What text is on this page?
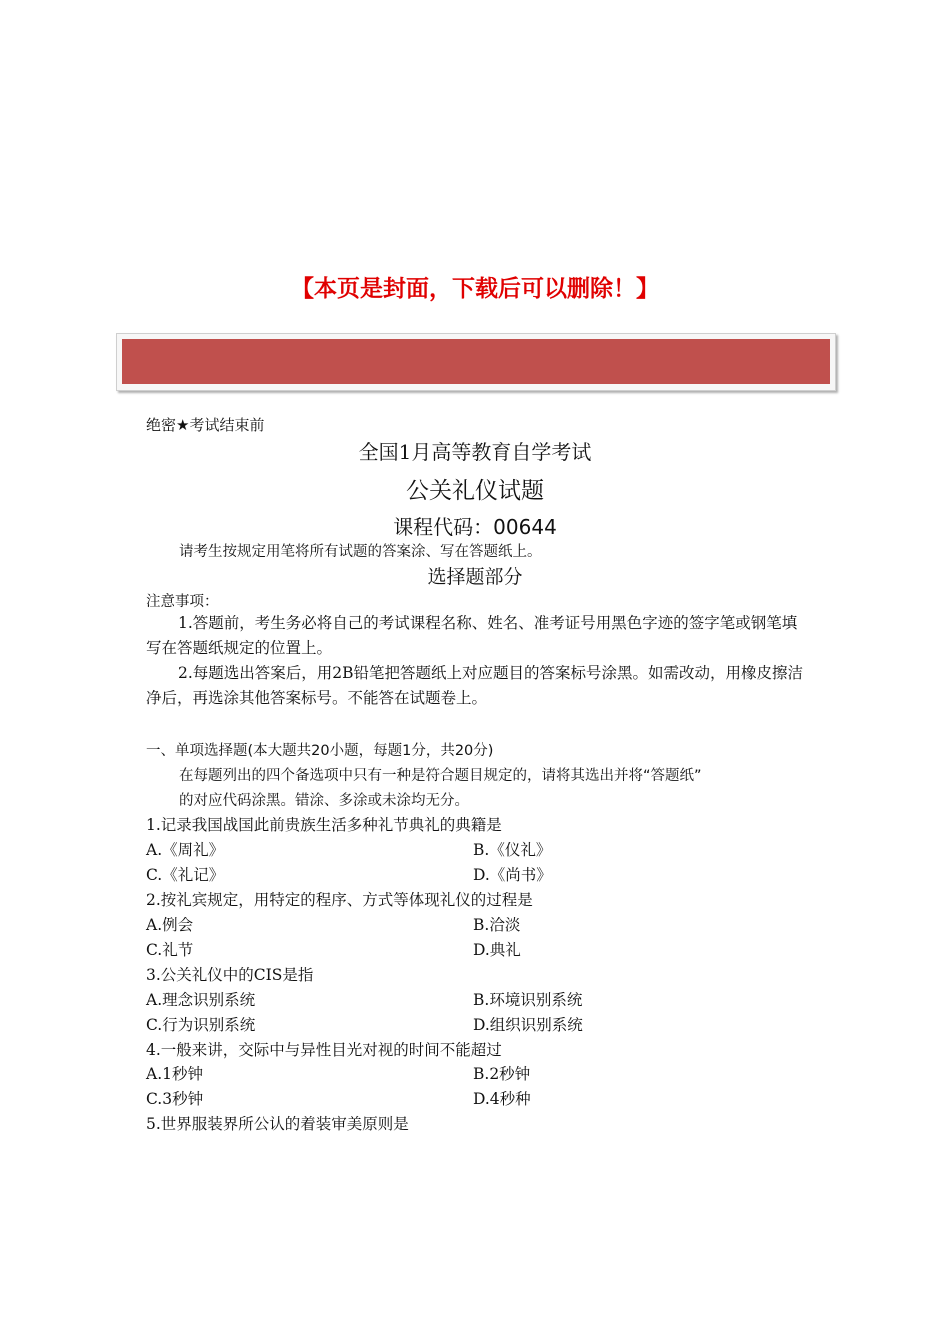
【本页是封面，下载后可以删除！】
绝密★考试结束前
全国1月高等教育自学考试
公关礼仪试题
课程代码：00644
请考生按规定用笔将所有试题的答案涂、写在答题纸上。
选择题部分
注意事项：
1.答题前，考生务必将自己的考试课程名称、姓名、准考证号用黑色字迹的签字笔或钢笔填写在答题纸规定的位置上。
2.每题选出答案后，用2B铅笔把答题纸上对应题目的答案标号涂黑。如需改动，用橡皮擦洁净后，再选涂其他答案标号。不能答在试题卷上。
一、单项选择题(本大题共20小题，每题1分，共20分)
在每题列出的四个备选项中只有一种是符合题目规定的，请将其选出并将“答题纸”
的对应代码涂黑。错涂、多涂或未涂均无分。
1.记录我国战国此前贵族生活多种礼节典礼的典籍是
A.《周礼》	B.《仪礼》
C.《礼记》	D.《尚书》
2.按礼宾规定，用特定的程序、方式等体现礼仪的过程是
A.例会	B.洽淡
C.礼节	D.典礼
3.公关礼仪中的CIS是指
A.理念识别系统	B.环境识别系统
C.行为识别系统	D.组织识别系统
4.一般来讲，交际中与异性目光对视的时间不能超过
A.1秒钟	B.2秒钟
C.3秒钟	D.4秒种
5.世界服装界所公认的着装审美原则是
